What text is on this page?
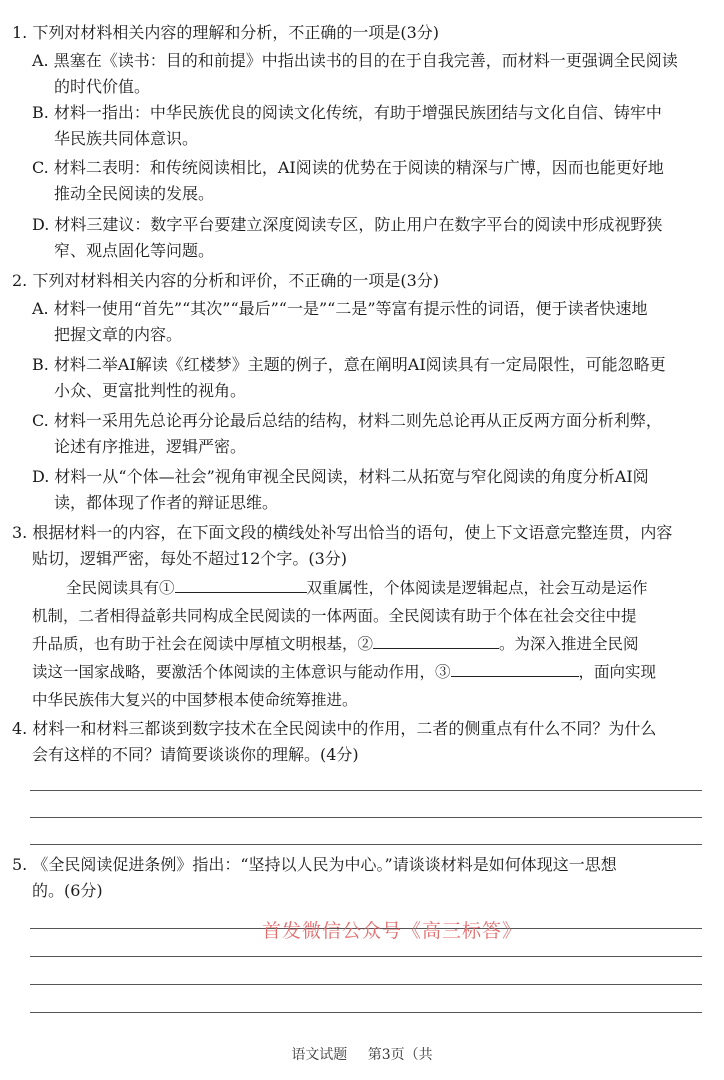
1. 下列对材料相关内容的理解和分析，不正确的一项是(3分)

A. 黑塞在《读书：目的和前提》中指出读书的目的在于自我完善，而材料一更强调全民阅读
的时代价值。
B. 材料一指出：中华民族优良的阅读文化传统，有助于增强民族团结与文化自信、铸牢中
华民族共同体意识。
C. 材料二表明：和传统阅读相比，AI阅读的优势在于阅读的精深与广博，因而也能更好地
推动全民阅读的发展。
D. 材料三建议：数字平台要建立深度阅读专区，防止用户在数字平台的阅读中形成视野狭
窄、观点固化等问题。

2. 下列对材料相关内容的分析和评价，不正确的一项是(3分)

A. 材料一使用“首先”“其次”“最后”“一是”“二是”等富有提示性的词语，便于读者快速地
把握文章的内容。
B. 材料二举AI解读《红楼梦》主题的例子，意在阐明AI阅读具有一定局限性，可能忽略更
小众、更富批判性的视角。
C. 材料一采用先总论再分论最后总结的结构，材料二则先总论再从正反两方面分析利弊，
论述有序推进，逻辑严密。
D. 材料一从“个体—社会”视角审视全民阅读，材料二从拓宽与窄化阅读的角度分析AI阅
读，都体现了作者的辩证思维。

3. 根据材料一的内容，在下面文段的横线处补写出恰当的语句，使上下文语意完整连贯，内容

贴切，逻辑严密，每处不超过12个字。(3分)

全民阅读具有①	双重属性，个体阅读是逻辑起点，社会互动是运作
机制，二者相得益彰共同构成全民阅读的一体两面。全民阅读有助于个体在社会交往中提
升品质，也有助于社会在阅读中厚植文明根基，②	。为深入推进全民阅
读这一国家战略，要激活个体阅读的主体意识与能动作用，③	，面向实现
中华民族伟大复兴的中国梦根本使命统筹推进。

4. 材料一和材料三都谈到数字技术在全民阅读中的作用，二者的侧重点有什么不同？为什么

会有这样的不同？请简要谈谈你的理解。(4分)

5. 《全民阅读促进条例》指出：“坚持以人民为中心。”请谈谈材料是如何体现这一思想

的。(6分)

首发微信公众号《高三标答》
语文试题 第3页（共
